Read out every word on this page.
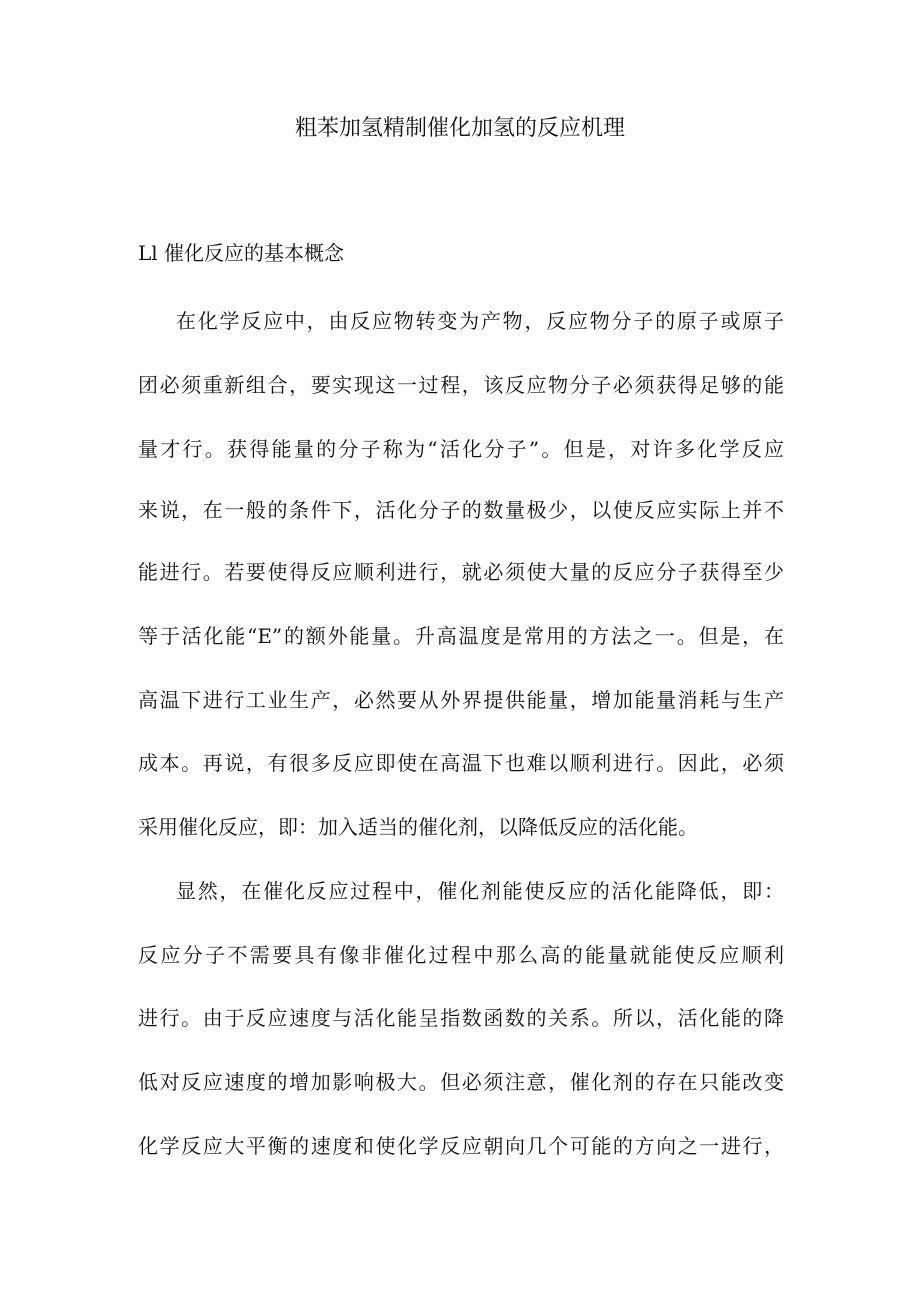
粗苯加氢精制催化加氢的反应机理
Ll 催化反应的基本概念
在化学反应中，由反应物转变为产物，反应物分子的原子或原子
团必须重新组合，要实现这一过程，该反应物分子必须获得足够的能
量才行。获得能量的分子称为“活化分子”。但是，对许多化学反应
来说，在一般的条件下，活化分子的数量极少，以使反应实际上并不
能进行。若要使得反应顺利进行，就必须使大量的反应分子获得至少
等于活化能“E”的额外能量。升高温度是常用的方法之一。但是，在
高温下进行工业生产，必然要从外界提供能量，增加能量消耗与生产
成本。再说，有很多反应即使在高温下也难以顺利进行。因此，必须
采用催化反应，即：加入适当的催化剂，以降低反应的活化能。
显然，在催化反应过程中，催化剂能使反应的活化能降低，即：
反应分子不需要具有像非催化过程中那么高的能量就能使反应顺利
进行。由于反应速度与活化能呈指数函数的关系。所以，活化能的降
低对反应速度的增加影响极大。但必须注意，催化剂的存在只能改变
化学反应大平衡的速度和使化学反应朝向几个可能的方向之一进行，
